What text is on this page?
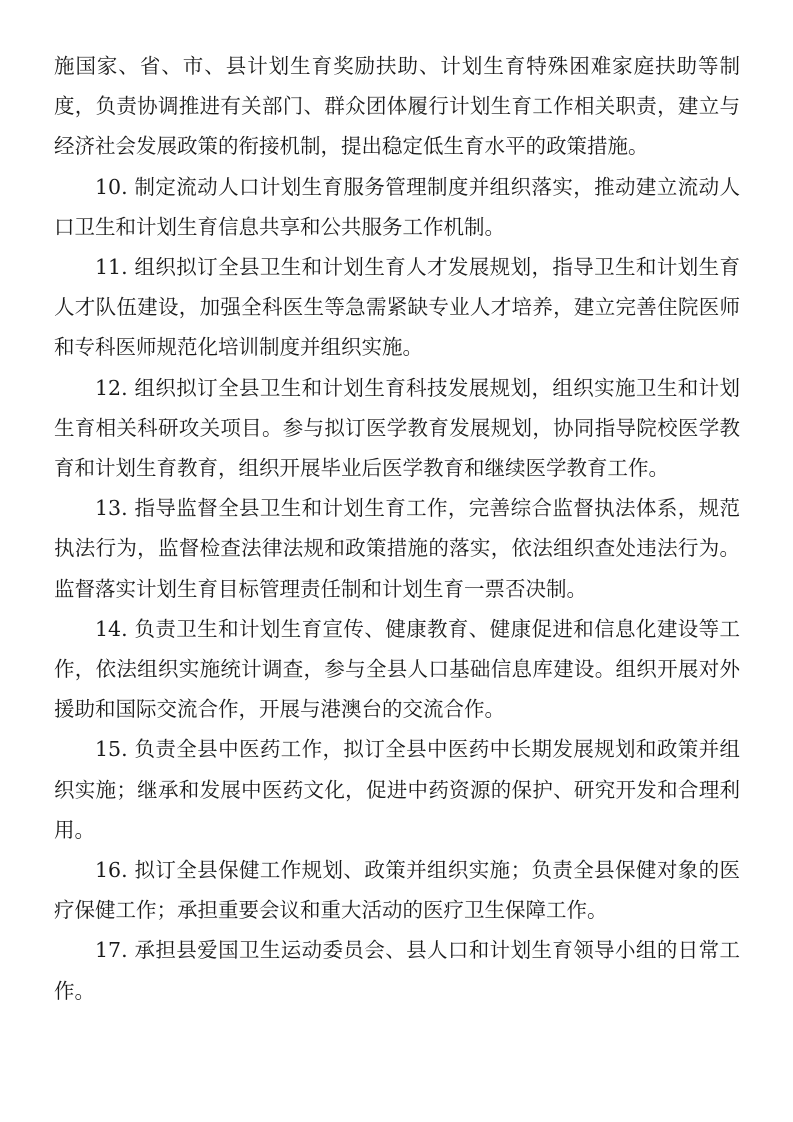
施国家、省、市、县计划生育奖励扶助、计划生育特殊困难家庭扶助等制度，负责协调推进有关部门、群众团体履行计划生育工作相关职责，建立与经济社会发展政策的衔接机制，提出稳定低生育水平的政策措施。

10. 制定流动人口计划生育服务管理制度并组织落实，推动建立流动人口卫生和计划生育信息共享和公共服务工作机制。

11. 组织拟订全县卫生和计划生育人才发展规划，指导卫生和计划生育人才队伍建设，加强全科医生等急需紧缺专业人才培养，建立完善住院医师和专科医师规范化培训制度并组织实施。

12. 组织拟订全县卫生和计划生育科技发展规划，组织实施卫生和计划生育相关科研攻关项目。参与拟订医学教育发展规划，协同指导院校医学教育和计划生育教育，组织开展毕业后医学教育和继续医学教育工作。

13. 指导监督全县卫生和计划生育工作，完善综合监督执法体系，规范执法行为，监督检查法律法规和政策措施的落实，依法组织查处违法行为。监督落实计划生育目标管理责任制和计划生育一票否决制。

14. 负责卫生和计划生育宣传、健康教育、健康促进和信息化建设等工作，依法组织实施统计调查，参与全县人口基础信息库建设。组织开展对外援助和国际交流合作，开展与港澳台的交流合作。

15. 负责全县中医药工作，拟订全县中医药中长期发展规划和政策并组织实施；继承和发展中医药文化，促进中药资源的保护、研究开发和合理利用。

16. 拟订全县保健工作规划、政策并组织实施；负责全县保健对象的医疗保健工作；承担重要会议和重大活动的医疗卫生保障工作。

17. 承担县爱国卫生运动委员会、县人口和计划生育领导小组的日常工作。
